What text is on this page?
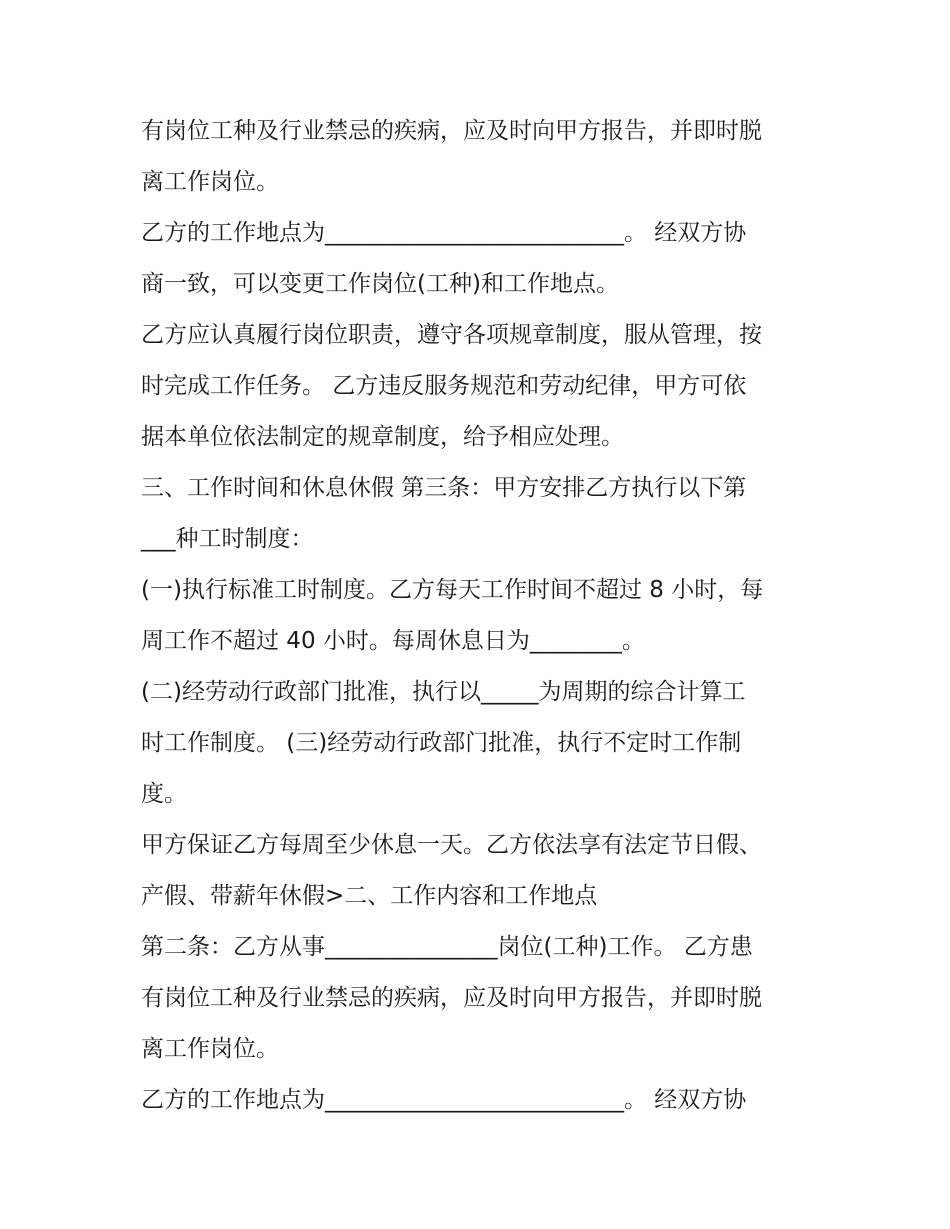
有岗位工种及行业禁忌的疾病，应及时向甲方报告，并即时脱
离工作岗位。
乙方的工作地点为__________________________。 经双方协
商一致，可以变更工作岗位(工种)和工作地点。
乙方应认真履行岗位职责，遵守各项规章制度，服从管理，按
时完成工作任务。 乙方违反服务规范和劳动纪律，甲方可依
据本单位依法制定的规章制度，给予相应处理。
三、工作时间和休息休假 第三条：甲方安排乙方执行以下第
___种工时制度：
(一)执行标准工时制度。乙方每天工作时间不超过 8 小时，每
周工作不超过 40 小时。每周休息日为________。
(二)经劳动行政部门批准，执行以_____为周期的综合计算工
时工作制度。 (三)经劳动行政部门批准，执行不定时工作制
度。
甲方保证乙方每周至少休息一天。乙方依法享有法定节日假、
产假、带薪年休假>二、工作内容和工作地点
第二条：乙方从事_______________岗位(工种)工作。 乙方患
有岗位工种及行业禁忌的疾病，应及时向甲方报告，并即时脱
离工作岗位。
乙方的工作地点为__________________________。 经双方协
